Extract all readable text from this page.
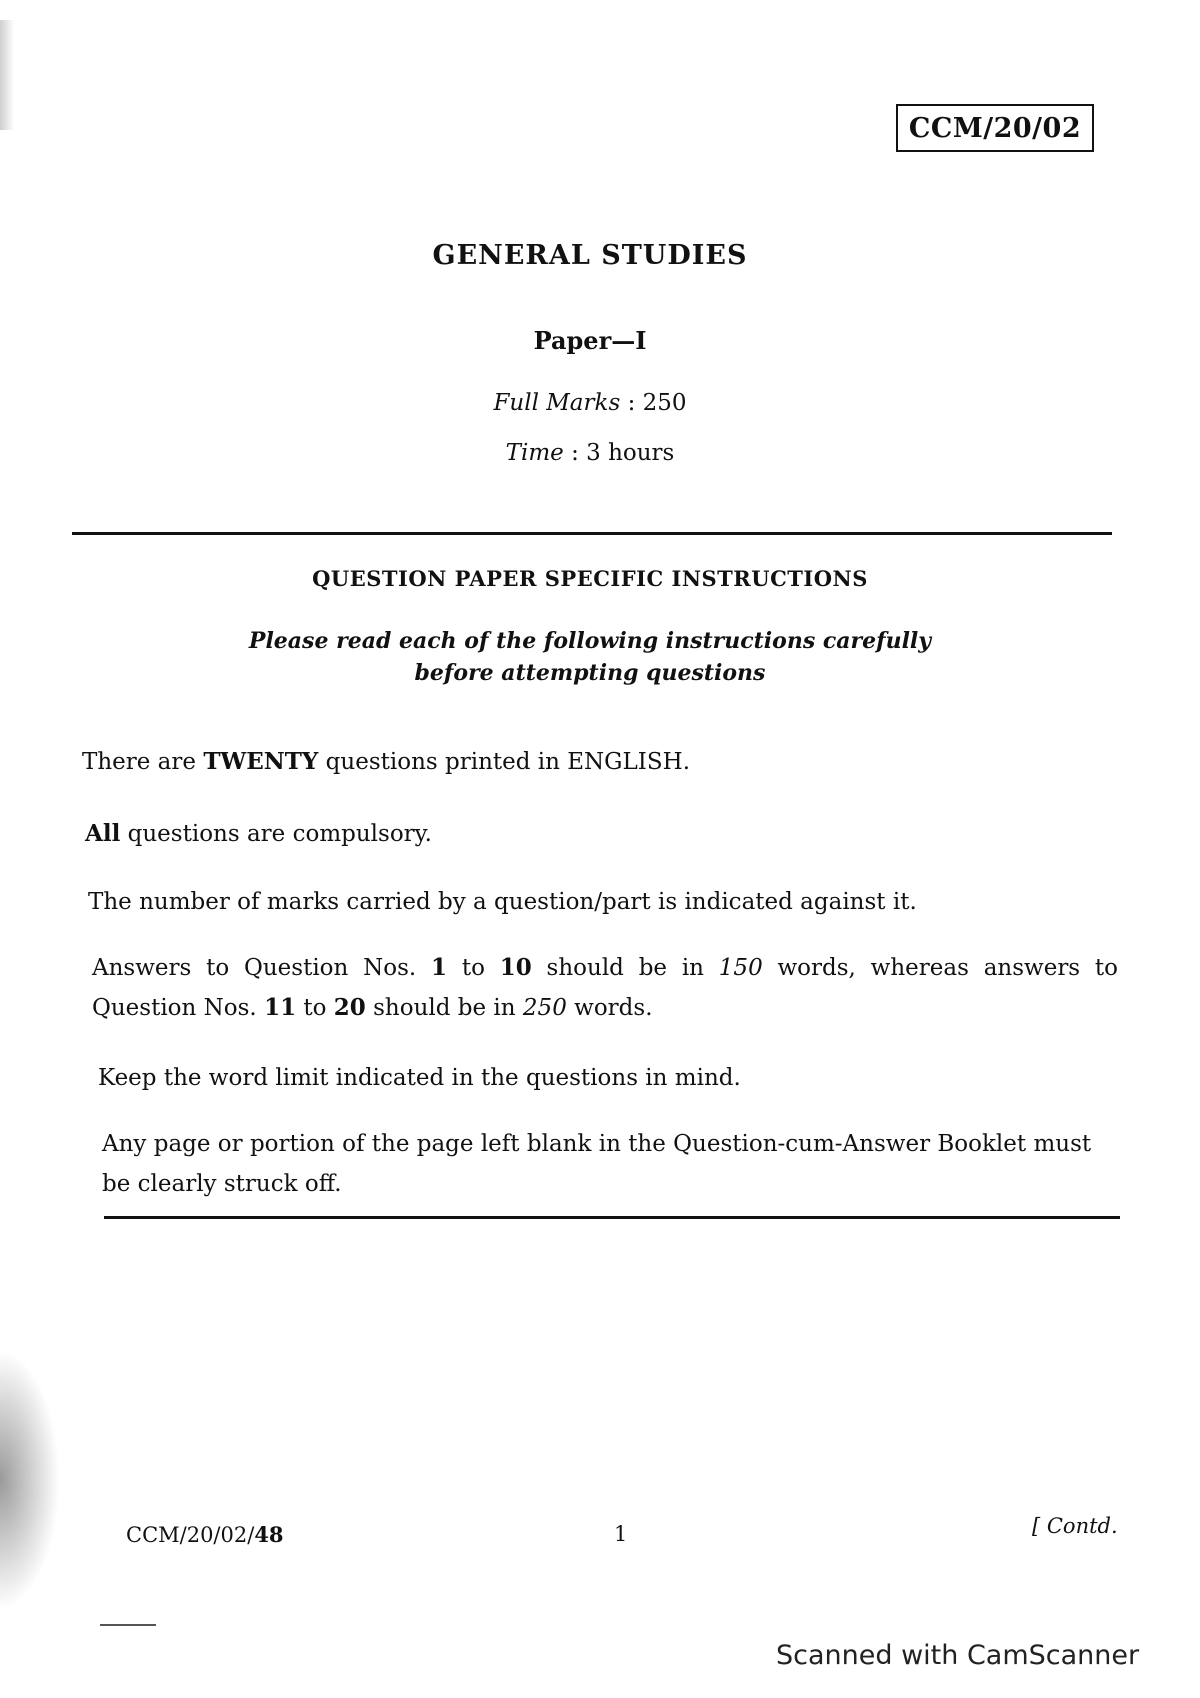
CCM/20/02
GENERAL STUDIES
Paper—I
Full Marks : 250
Time : 3 hours
QUESTION PAPER SPECIFIC INSTRUCTIONS
Please read each of the following instructions carefully
before attempting questions
There are TWENTY questions printed in ENGLISH.
All questions are compulsory.
The number of marks carried by a question/part is indicated against it.
Answers to Question Nos. 1 to 10 should be in 150 words, whereas answers to Question Nos. 11 to 20 should be in 250 words.
Keep the word limit indicated in the questions in mind.
Any page or portion of the page left blank in the Question-cum-Answer Booklet must be clearly struck off.
CCM/20/02/48	1	[ Contd.
Scanned with CamScanner
